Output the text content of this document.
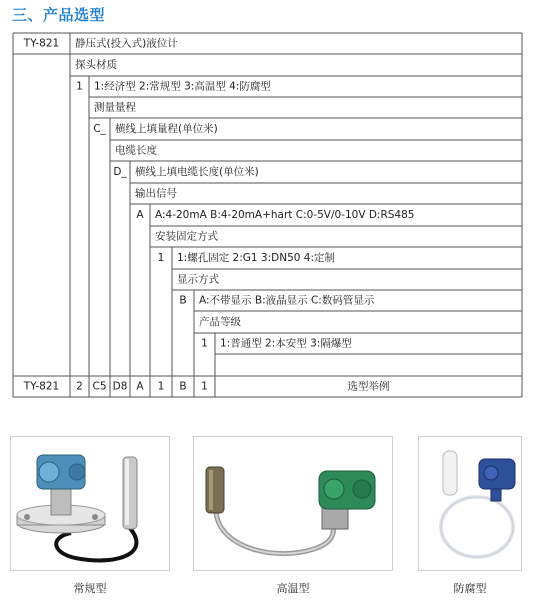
三、产品选型
TY-821 静压式(投入式)液位计
探头材质
1 1:经济型 2:常规型 3:高温型 4:防腐型
测量量程
C_ 横线上填量程(单位米)
电缆长度
D_ 横线上填电缆长度(单位米)
输出信号
A A:4-20mA B:4-20mA+hart C:0-5V/0-10V D:RS485
安装固定方式
1 1:螺孔固定 2:G1 3:DN50 4:定制
显示方式
B A:不带显示 B:液晶显示 C:数码管显示
产品等级
1 1:普通型 2:本安型 3:隔爆型
TY-821 2 C5 D8 A 1 B 1	选型举例
常规型	高温型	防腐型
